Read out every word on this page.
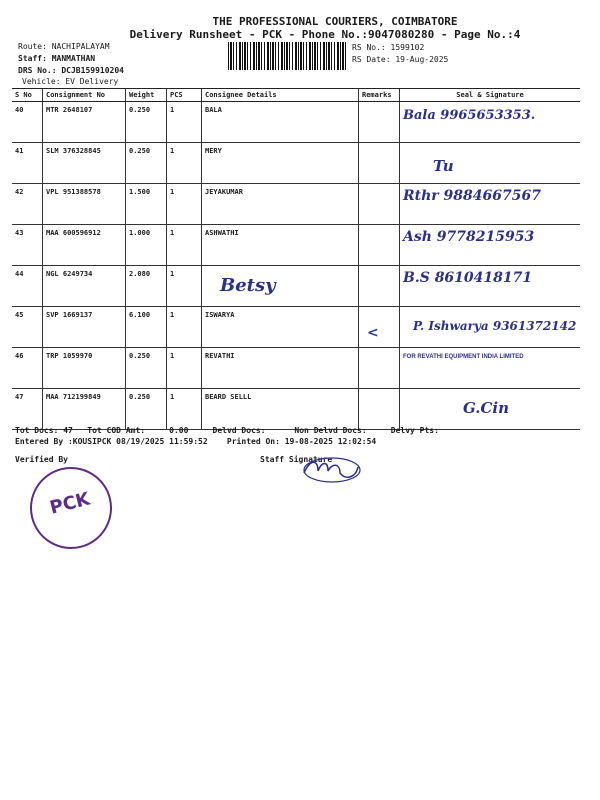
THE PROFESSIONAL COURIERS, COIMBATORE
Delivery Runsheet - PCK - Phone No.:9047080280 - Page No.:4
Route: NACHIPALAYAM
Staff: MANMATHAN
DRS No.: DCJB159910204
Vehicle: EV Delivery
RS No.: 1599102
RS Date: 19-Aug-2025
S No	Consignment No	Weight	PCS	Consignee Details	Remarks	Seal & Signature
40	MTR 2648107	0.250	1	BALA		Bala 9965653353.

41	SLM 376328845	0.250	1	MERY		Tu

42	VPL 951388578	1.500	1	JEYAKUMAR		Rthr 9884667567

43	MAA 600596912	1.000	1	ASHWATHI		Ash 9778215953

44	NGL 6249734	2.080	1	Betsy		B.S 8610418171

45	SVP 1669137	6.100	1	ISWARYA	<	P. Ishwarya 9361372142

46	TRP 1059970	0.250	1	REVATHI		FOR REVATHI EQUIPMENT INDIA LIMITED
47	MAA 712199849	0.250	1	BEARD SELLL		G.Cin
Tot Docs: 47 Tot COD Amt:	0.00	Delvd Docs:	Non Delvd Docs:	Delvy Pts:
Entered By :KOUSIPCK 08/19/2025 11:59:52 Printed On: 19-08-2025 12:02:54
Verified By	Staff Signature
PCK
